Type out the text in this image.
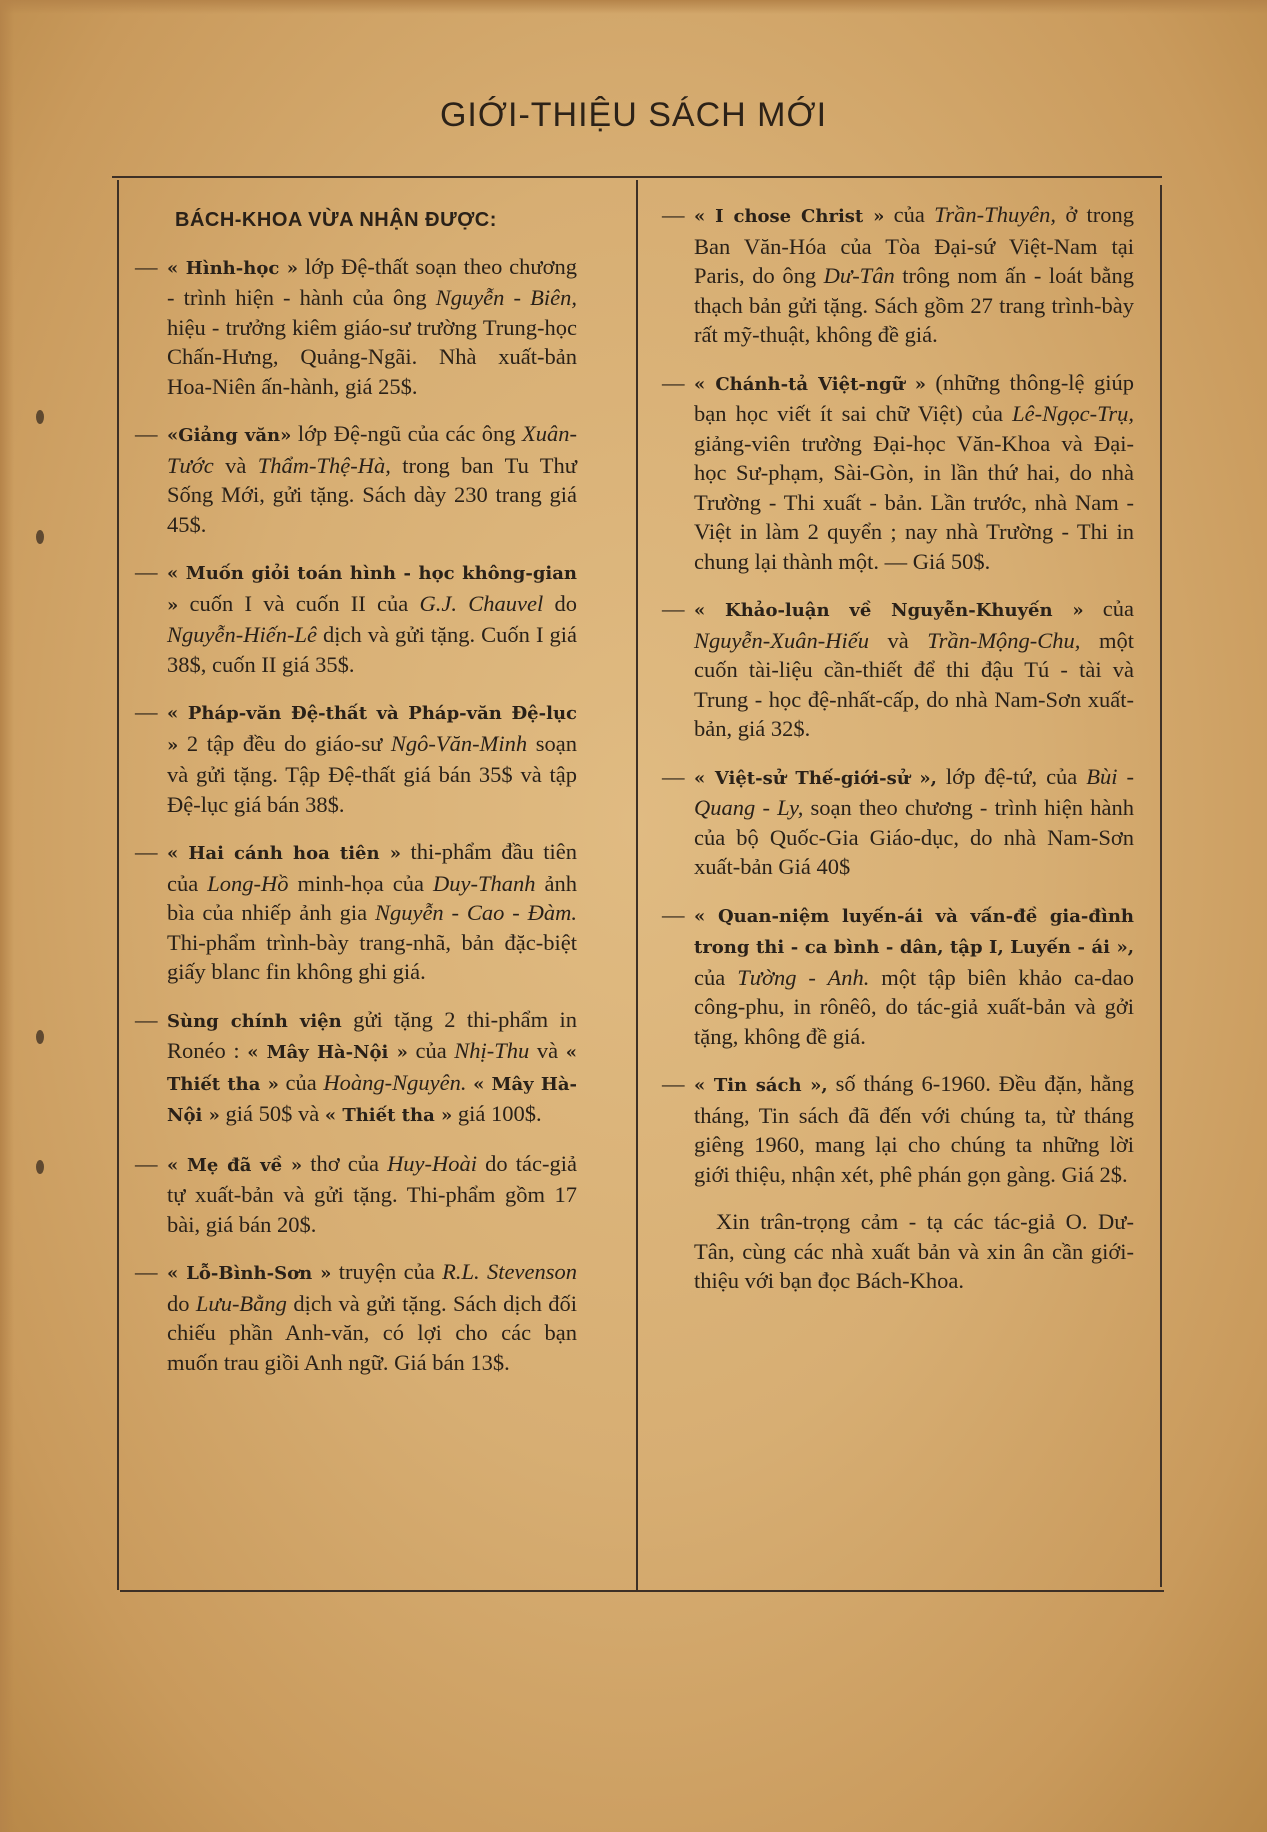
GIỚI-THIỆU SÁCH MỚI
BÁCH-KHOA VỪA NHẬN ĐƯỢC:

— « Hình-học » lớp Đệ-thất soạn theo chương - trình hiện - hành của ông Nguyễn - Biên, hiệu - trưởng kiêm giáo-sư trường Trung-học Chấn-Hưng, Quảng-Ngãi. Nhà xuất-bản Hoa-Niên ấn-hành, giá 25$.

— «Giảng văn» lớp Đệ-ngũ của các ông Xuân-Tước và Thẩm-Thệ-Hà, trong ban Tu Thư Sống Mới, gửi tặng. Sách dày 230 trang giá 45$.

— « Muốn giỏi toán hình - học không-gian » cuốn I và cuốn II của G.J. Chauvel do Nguyễn-Hiến-Lê dịch và gửi tặng. Cuốn I giá 38$, cuốn II giá 35$.

— « Pháp-văn Đệ-thất và Pháp-văn Đệ-lục » 2 tập đều do giáo-sư Ngô-Văn-Minh soạn và gửi tặng. Tập Đệ-thất giá bán 35$ và tập Đệ-lục giá bán 38$.

— « Hai cánh hoa tiên » thi-phẩm đầu tiên của Long-Hồ minh-họa của Duy-Thanh ảnh bìa của nhiếp ảnh gia Nguyễn - Cao - Đàm. Thi-phẩm trình-bày trang-nhã, bản đặc-biệt giấy blanc fin không ghi giá.

— Sùng chính viện gửi tặng 2 thi-phẩm in Ronéo : « Mây Hà-Nội » của Nhị-Thu và « Thiết tha » của Hoàng-Nguyên. « Mây Hà-Nội » giá 50$ và « Thiết tha » giá 100$.

— « Mẹ đã về » thơ của Huy-Hoài do tác-giả tự xuất-bản và gửi tặng. Thi-phẩm gồm 17 bài, giá bán 20$.

— « Lỗ-Bình-Sơn » truyện của R.L. Stevenson do Lưu-Bằng dịch và gửi tặng. Sách dịch đối chiếu phần Anh-văn, có lợi cho các bạn muốn trau giồi Anh ngữ. Giá bán 13$.

— « I chose Christ » của Trần-Thuyên, ở trong Ban Văn-Hóa của Tòa Đại-sứ Việt-Nam tại Paris, do ông Dư-Tân trông nom ấn - loát bằng thạch bản gửi tặng. Sách gồm 27 trang trình-bày rất mỹ-thuật, không đề giá.

— « Chánh-tả Việt-ngữ » (những thông-lệ giúp bạn học viết ít sai chữ Việt) của Lê-Ngọc-Trụ, giảng-viên trường Đại-học Văn-Khoa và Đại-học Sư-phạm, Sài-Gòn, in lần thứ hai, do nhà Trường - Thi xuất - bản. Lần trước, nhà Nam - Việt in làm 2 quyển ; nay nhà Trường - Thi in chung lại thành một. — Giá 50$.

— « Khảo-luận về Nguyễn-Khuyến » của Nguyễn-Xuân-Hiếu và Trần-Mộng-Chu, một cuốn tài-liệu cần-thiết để thi đậu Tú - tài và Trung - học đệ-nhất-cấp, do nhà Nam-Sơn xuất-bản, giá 32$.

— « Việt-sử Thế-giới-sử », lớp đệ-tứ, của Bùi - Quang - Ly, soạn theo chương - trình hiện hành của bộ Quốc-Gia Giáo-dục, do nhà Nam-Sơn xuất-bản Giá 40$

— « Quan-niệm luyến-ái và vấn-đề gia-đình trong thi - ca bình - dân, tập I, Luyến - ái », của Tường - Anh. một tập biên khảo ca-dao công-phu, in rônêô, do tác-giả xuất-bản và gởi tặng, không đề giá.

— « Tin sách », số tháng 6-1960. Đều đặn, hằng tháng, Tin sách đã đến với chúng ta, từ tháng giêng 1960, mang lại cho chúng ta những lời giới thiệu, nhận xét, phê phán gọn gàng. Giá 2$.

Xin trân-trọng cảm - tạ các tác-giả O. Dư-Tân, cùng các nhà xuất bản và xin ân cần giới-thiệu với bạn đọc Bách-Khoa.
